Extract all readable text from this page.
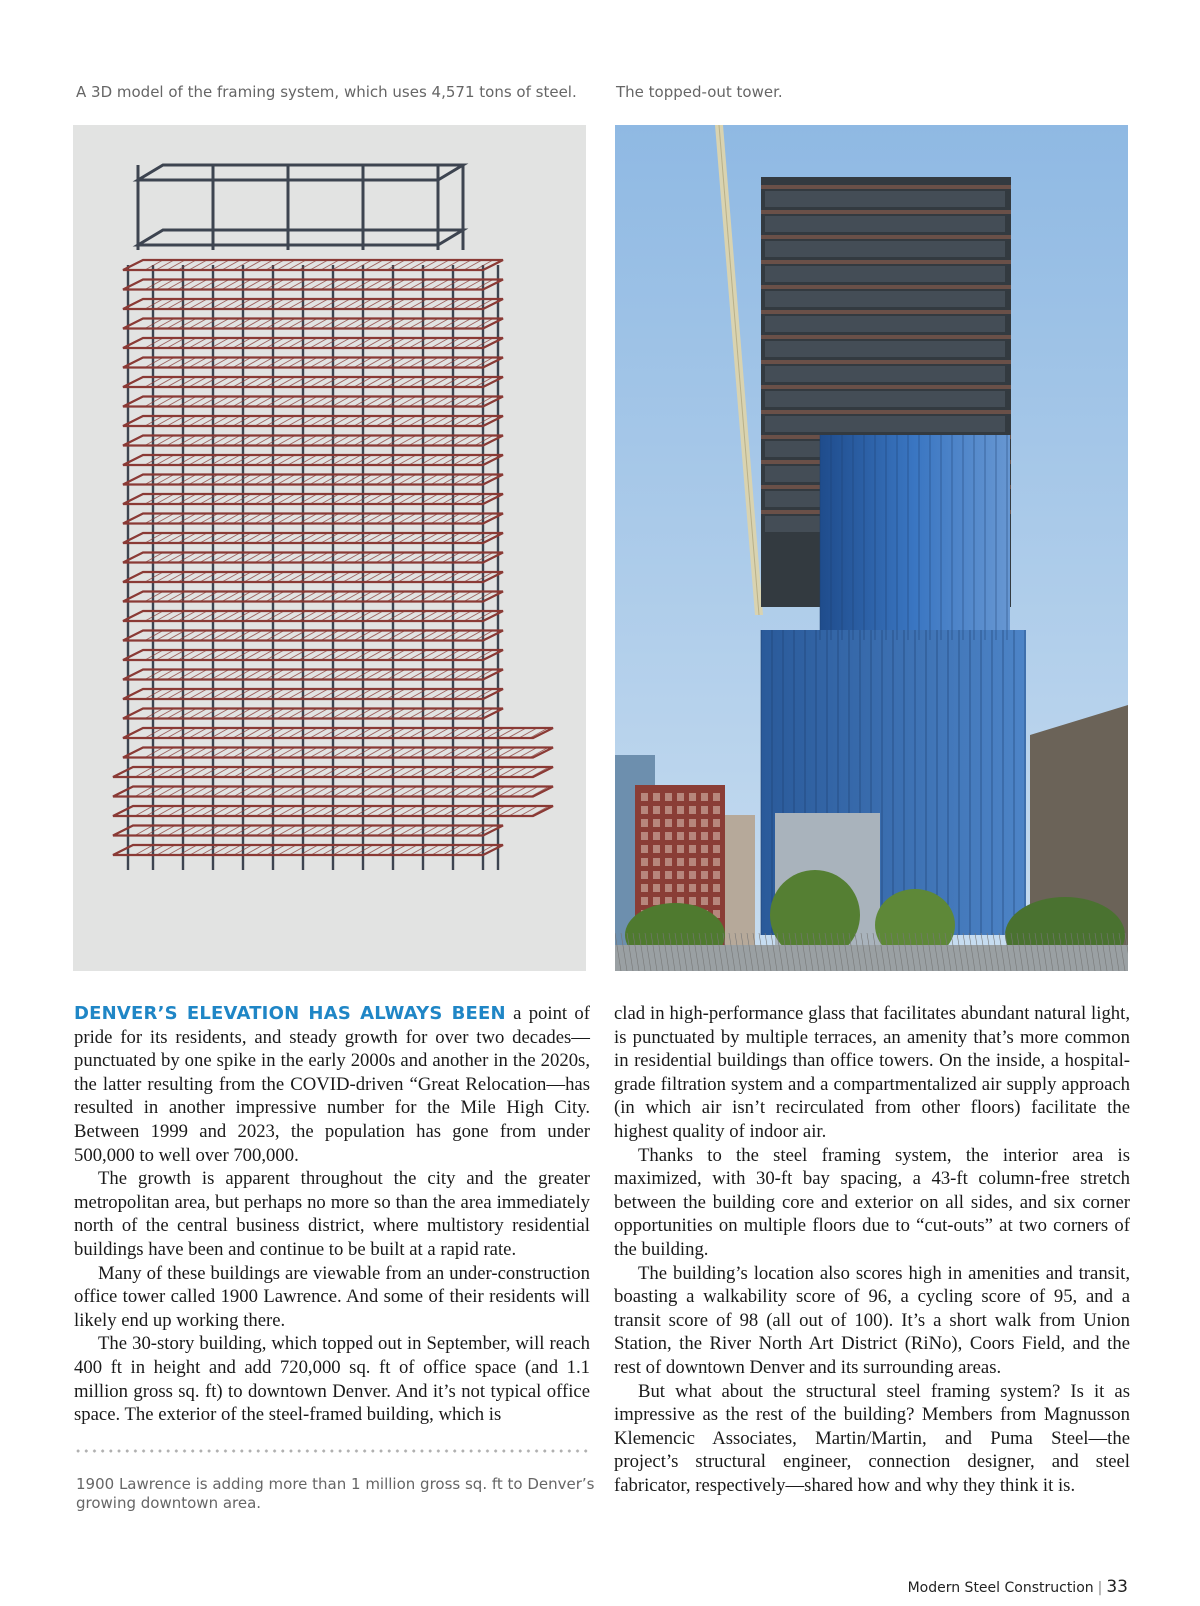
A 3D model of the framing system, which uses 4,571 tons of steel.	The topped-out tower.

DENVER’S ELEVATION HAS ALWAYS BEEN a point of pride for its residents, and steady growth for over two decades—punctuated by one spike in the early 2000s and another in the 2020s, the latter resulting from the COVID-driven “Great Relocation—has resulted in another impressive number for the Mile High City. Between 1999 and 2023, the population has gone from under 500,000 to well over 700,000.

The growth is apparent throughout the city and the greater metropolitan area, but perhaps no more so than the area immediately north of the central business district, where multistory residential buildings have been and continue to be built at a rapid rate.

Many of these buildings are viewable from an under-construction office tower called 1900 Lawrence. And some of their residents will likely end up working there.

The 30-story building, which topped out in September, will reach 400 ft in height and add 720,000 sq. ft of office space (and 1.1 million gross sq. ft) to downtown Denver. And it’s not typical office space. The exterior of the steel-framed building, which is

1900 Lawrence is adding more than 1 million gross sq. ft to Denver’s growing downtown area.

clad in high-performance glass that facilitates abundant natural light, is punctuated by multiple terraces, an amenity that’s more common in residential buildings than office towers. On the inside, a hospital-grade filtration system and a compartmentalized air supply approach (in which air isn’t recirculated from other floors) facilitate the highest quality of indoor air.

Thanks to the steel framing system, the interior area is maximized, with 30-ft bay spacing, a 43-ft column-free stretch between the building core and exterior on all sides, and six corner opportunities on multiple floors due to “cut-outs” at two corners of the building.

The building’s location also scores high in amenities and transit, boasting a walkability score of 96, a cycling score of 95, and a transit score of 98 (all out of 100). It’s a short walk from Union Station, the River North Art District (RiNo), Coors Field, and the rest of downtown Denver and its surrounding areas.

But what about the structural steel framing system? Is it as impressive as the rest of the building? Members from Magnusson Klemencic Associates, Martin/Martin, and Puma Steel—the project’s structural engineer, connection designer, and steel fabricator, respectively—shared how and why they think it is.

Modern Steel Construction | 33
